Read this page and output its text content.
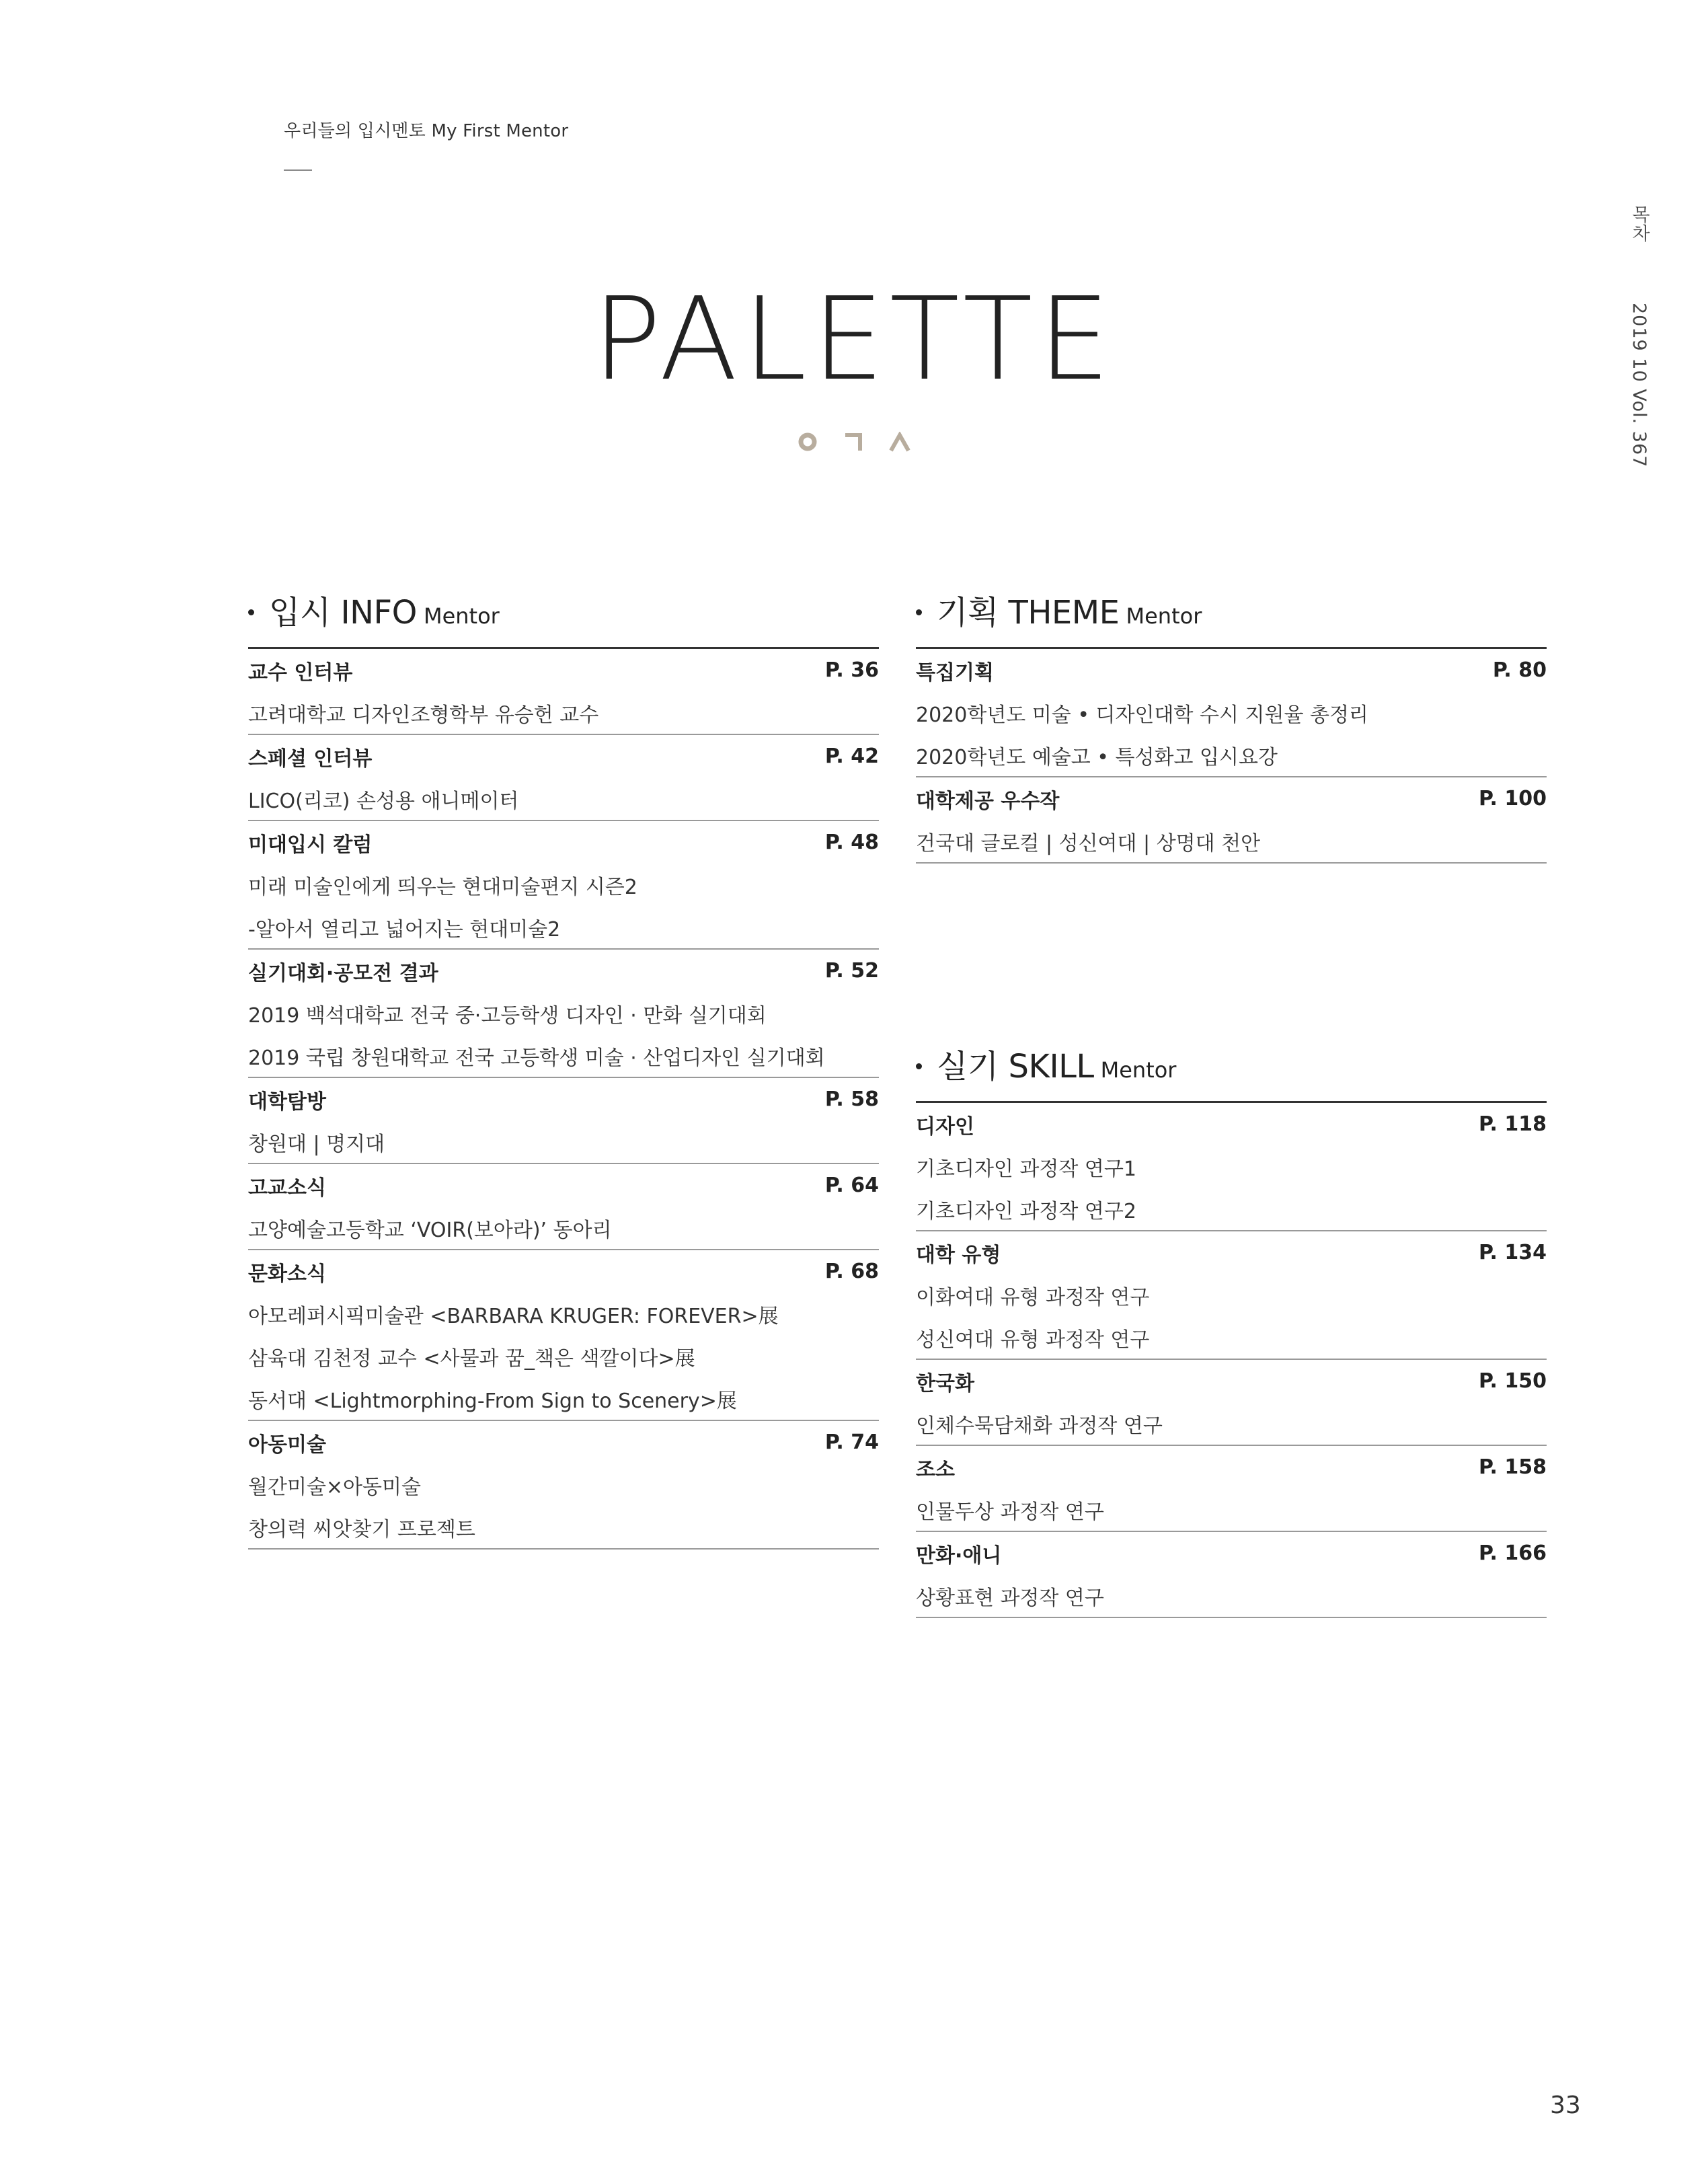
우리들의 입시멘토 My First Mentor
목차  2019 10 Vol. 367
PALETTE
입시 INFO Mentor
교수 인터뷰	P. 36
고려대학교 디자인조형학부 유승헌 교수
스페셜 인터뷰	P. 42
LICO(리코) 손성용 애니메이터
미대입시 칼럼	P. 48
미래 미술인에게 띄우는 현대미술편지 시즌2
-알아서 열리고 넓어지는 현대미술2
실기대회·공모전 결과	P. 52
2019 백석대학교 전국 중·고등학생 디자인 · 만화 실기대회
2019 국립 창원대학교 전국 고등학생 미술 · 산업디자인 실기대회
대학탐방	P. 58
창원대 | 명지대
고교소식	P. 64
고양예술고등학교 ‘VOIR(보아라)’ 동아리
문화소식	P. 68
아모레퍼시픽미술관 <BARBARA KRUGER: FOREVER>展
삼육대 김천정 교수 <사물과 꿈_책은 색깔이다>展
동서대 <Lightmorphing-From Sign to Scenery>展
아동미술	P. 74
월간미술×아동미술
창의력 씨앗찾기 프로젝트
기획 THEME Mentor
특집기획	P. 80
2020학년도 미술 • 디자인대학 수시 지원율 총정리
2020학년도 예술고 • 특성화고 입시요강
대학제공 우수작	P. 100
건국대 글로컬 | 성신여대 | 상명대 천안
실기 SKILL Mentor
디자인	P. 118
기초디자인 과정작 연구1
기초디자인 과정작 연구2
대학 유형	P. 134
이화여대 유형 과정작 연구
성신여대 유형 과정작 연구
한국화	P. 150
인체수묵담채화 과정작 연구
조소	P. 158
인물두상 과정작 연구
만화·애니	P. 166
상황표현 과정작 연구
33
